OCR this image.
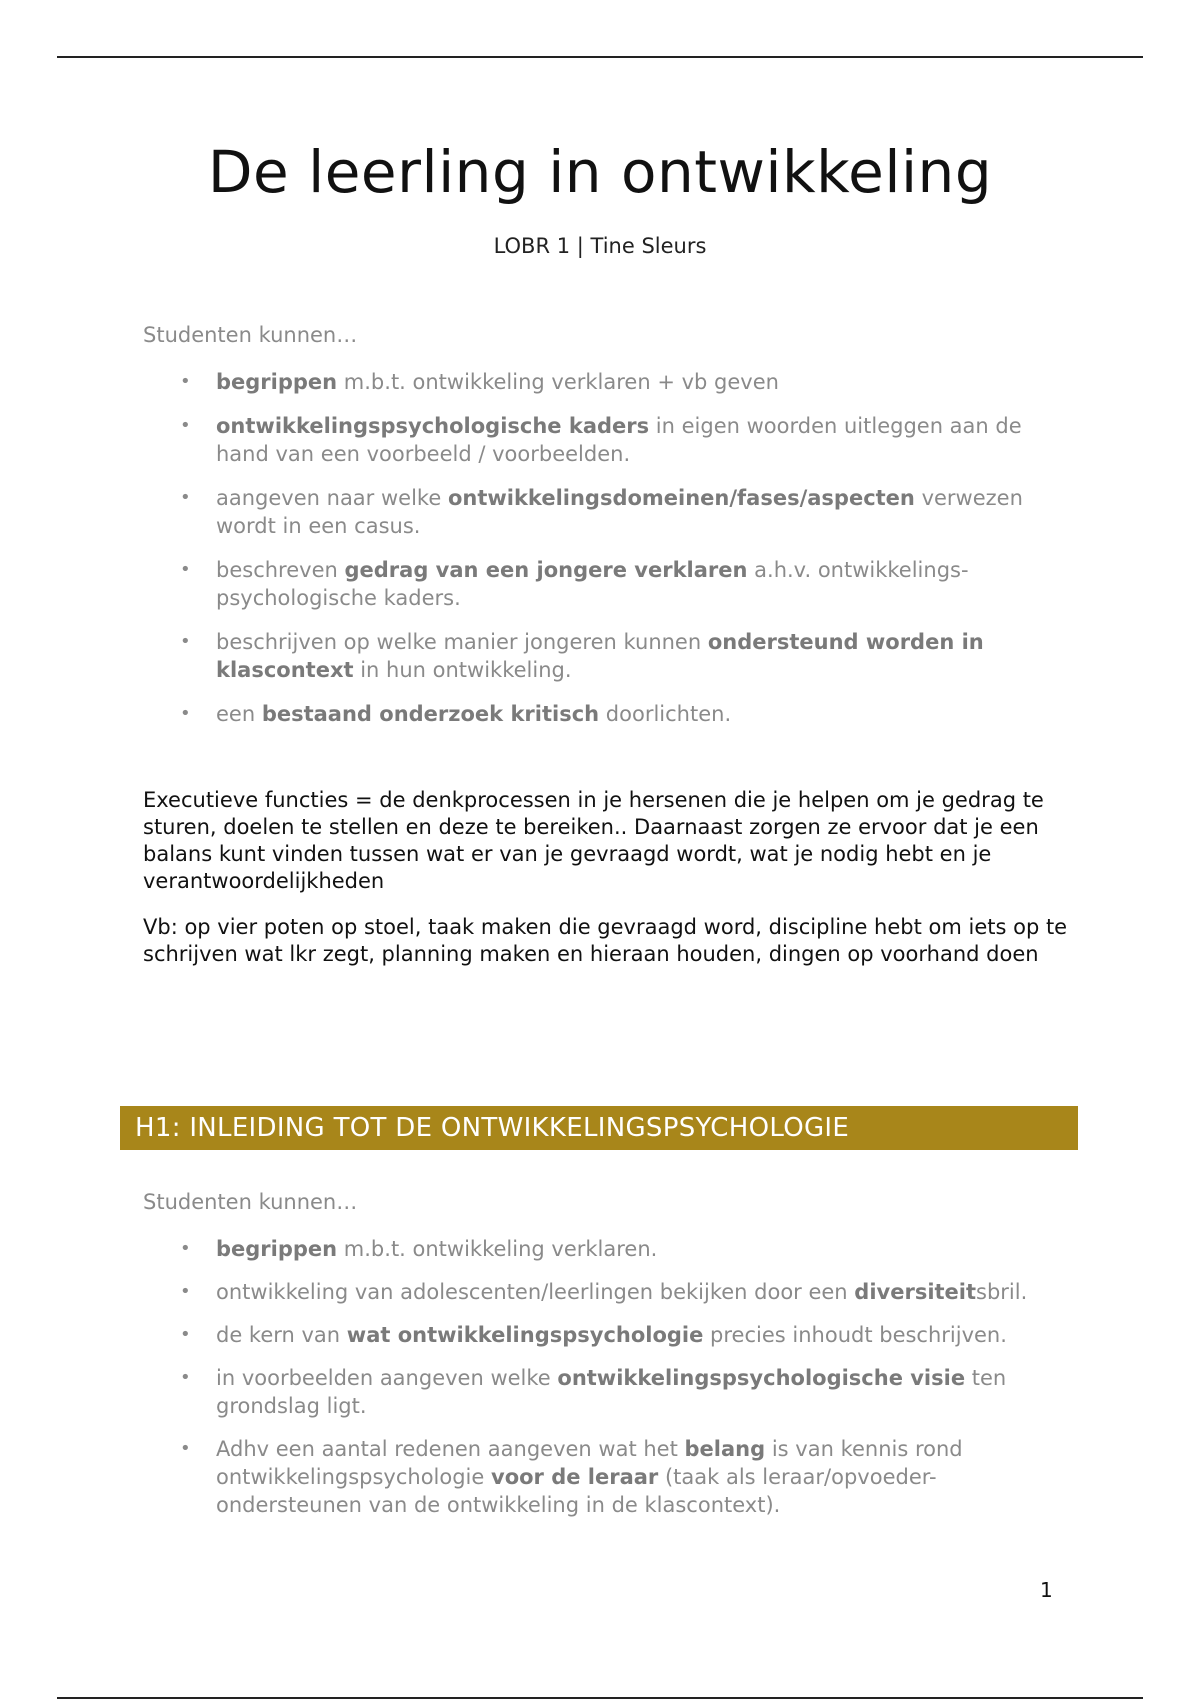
De leerling in ontwikkeling
LOBR 1 | Tine Sleurs
Studenten kunnen…
• begrippen m.b.t. ontwikkeling verklaren + vb geven
• ontwikkelingspsychologische kaders in eigen woorden uitleggen aan de hand van een voorbeeld / voorbeelden.
• aangeven naar welke ontwikkelingsdomeinen/fases/aspecten verwezen wordt in een casus.
• beschreven gedrag van een jongere verklaren a.h.v. ontwikkelings-psychologische kaders.
• beschrijven op welke manier jongeren kunnen ondersteund worden in klascontext in hun ontwikkeling.
• een bestaand onderzoek kritisch doorlichten.

Executieve functies = de denkprocessen in je hersenen die je helpen om je gedrag te sturen, doelen te stellen en deze te bereiken.. Daarnaast zorgen ze ervoor dat je een balans kunt vinden tussen wat er van je gevraagd wordt, wat je nodig hebt en je verantwoordelijkheden

Vb: op vier poten op stoel, taak maken die gevraagd word, discipline hebt om iets op te schrijven wat lkr zegt, planning maken en hieraan houden, dingen op voorhand doen

H1: INLEIDING TOT DE ONTWIKKELINGSPSYCHOLOGIE
Studenten kunnen…
• begrippen m.b.t. ontwikkeling verklaren.
• ontwikkeling van adolescenten/leerlingen bekijken door een diversiteitsbril.
• de kern van wat ontwikkelingspsychologie precies inhoudt beschrijven.
• in voorbeelden aangeven welke ontwikkelingspsychologische visie ten grondslag ligt.
• Adhv een aantal redenen aangeven wat het belang is van kennis rond ontwikkelingspsychologie voor de leraar (taak als leraar/opvoeder-ondersteunen van de ontwikkeling in de klascontext).
1
